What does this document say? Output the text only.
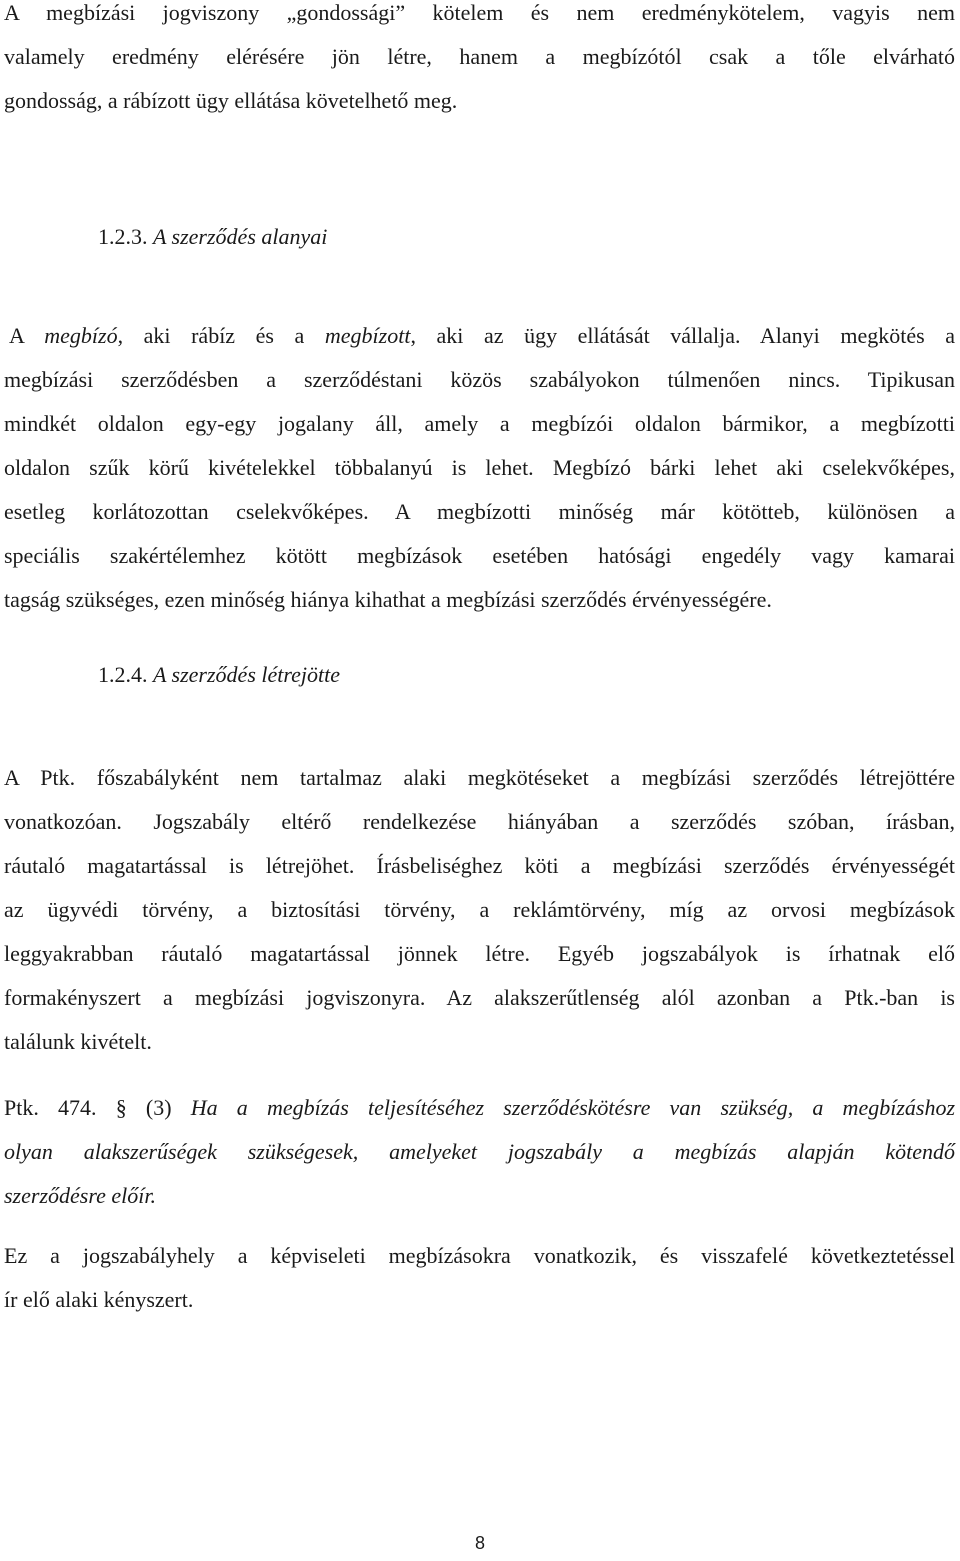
A megbízási jogviszony „gondossági” kötelem és nem eredménykötelem, vagyis nem
valamely eredmény elérésére jön létre, hanem a megbízótól csak a tőle elvárható
gondosság, a rábízott ügy ellátása követelhető meg.
1.2.3. A szerződés alanyai
A megbízó, aki rábíz és a megbízott, aki az ügy ellátását vállalja. Alanyi megkötés a
megbízási szerződésben a szerződéstani közös szabályokon túlmenően nincs. Tipikusan
mindkét oldalon egy-egy jogalany áll, amely a megbízói oldalon bármikor, a megbízotti
oldalon szűk körű kivételekkel többalanyú is lehet. Megbízó bárki lehet aki cselekvőképes,
esetleg korlátozottan cselekvőképes. A megbízotti minőség már kötötteb, különösen a
speciális szakértélemhez kötött megbízások esetében hatósági engedély vagy kamarai
tagság szükséges, ezen minőség hiánya kihathat a megbízási szerződés érvényességére.
1.2.4. A szerződés létrejötte
A Ptk. főszabályként nem tartalmaz alaki megkötéseket a megbízási szerződés létrejöttére
vonatkozóan. Jogszabály eltérő rendelkezése hiányában a szerződés szóban, írásban,
ráutaló magatartással is létrejöhet. Írásbeliséghez köti a megbízási szerződés érvényességét
az ügyvédi törvény, a biztosítási törvény, a reklámtörvény, míg az orvosi megbízások
leggyakrabban ráutaló magatartással jönnek létre. Egyéb jogszabályok is írhatnak elő
formakényszert a megbízási jogviszonyra. Az alakszerűtlenség alól azonban a Ptk.-ban is
találunk kivételt.
Ptk. 474. § (3) Ha a megbízás teljesítéséhez szerződéskötésre van szükség, a megbízáshoz
olyan alakszerűségek szükségesek, amelyeket jogszabály a megbízás alapján kötendő
szerződésre előír.
Ez a jogszabályhely a képviseleti megbízásokra vonatkozik, és visszafelé következtetéssel
ír elő alaki kényszert.
8
